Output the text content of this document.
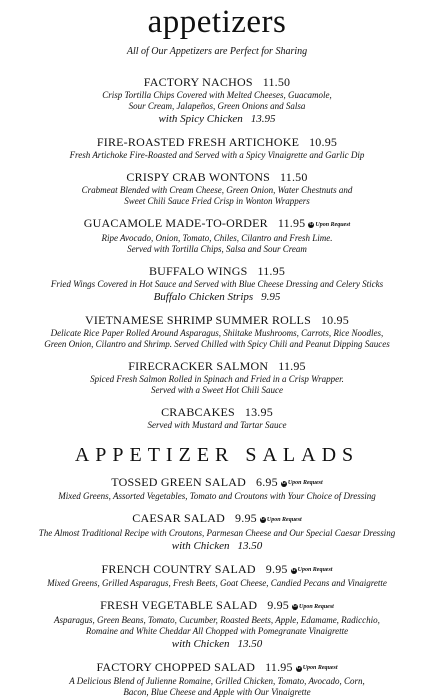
appetizers
All of Our Appetizers are Perfect for Sharing
FACTORY NACHOS 11.50
Crisp Tortilla Chips Covered with Melted Cheeses, Guacamole,
Sour Cream, Jalapeños, Green Onions and Salsa
with Spicy Chicken 13.95
FIRE-ROASTED FRESH ARTICHOKE 10.95
Fresh Artichoke Fire-Roasted and Served with a Spicy Vinaigrette and Garlic Dip
CRISPY CRAB WONTONS 11.50
Crabmeat Blended with Cream Cheese, Green Onion, Water Chestnuts and
Sweet Chili Sauce Fried Crisp in Wonton Wrappers
GUACAMOLE MADE-TO-ORDER 11.95 G Upon Request
Ripe Avocado, Onion, Tomato, Chiles, Cilantro and Fresh Lime.
Served with Tortilla Chips, Salsa and Sour Cream
BUFFALO WINGS 11.95
Fried Wings Covered in Hot Sauce and Served with Blue Cheese Dressing and Celery Sticks
Buffalo Chicken Strips 9.95
VIETNAMESE SHRIMP SUMMER ROLLS 10.95
Delicate Rice Paper Rolled Around Asparagus, Shiitake Mushrooms, Carrots, Rice Noodles,
Green Onion, Cilantro and Shrimp. Served Chilled with Spicy Chili and Peanut Dipping Sauces
FIRECRACKER SALMON 11.95
Spiced Fresh Salmon Rolled in Spinach and Fried in a Crisp Wrapper.
Served with a Sweet Hot Chili Sauce
CRABCAKES 13.95
Served with Mustard and Tartar Sauce
APPETIZER SALADS
TOSSED GREEN SALAD 6.95 G Upon Request
Mixed Greens, Assorted Vegetables, Tomato and Croutons with Your Choice of Dressing
CAESAR SALAD 9.95 G Upon Request
The Almost Traditional Recipe with Croutons, Parmesan Cheese and Our Special Caesar Dressing
with Chicken 13.50
FRENCH COUNTRY SALAD 9.95 G Upon Request
Mixed Greens, Grilled Asparagus, Fresh Beets, Goat Cheese, Candied Pecans and Vinaigrette
FRESH VEGETABLE SALAD 9.95 G Upon Request
Asparagus, Green Beans, Tomato, Cucumber, Roasted Beets, Apple, Edamame, Radicchio,
Romaine and White Cheddar All Chopped with Pomegranate Vinaigrette
with Chicken 13.50
FACTORY CHOPPED SALAD 11.95 G Upon Request
A Delicious Blend of Julienne Romaine, Grilled Chicken, Tomato, Avocado, Corn,
Bacon, Blue Cheese and Apple with Our Vinaigrette
